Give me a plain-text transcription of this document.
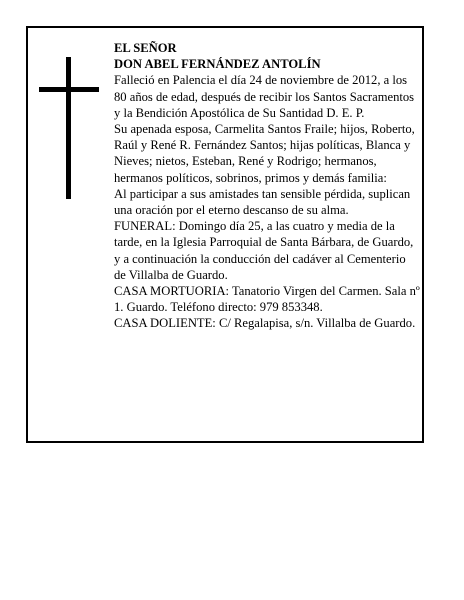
EL SEÑOR

DON ABEL FERNÁNDEZ ANTOLÍN

Falleció en Palencia el día 24 de noviembre de 2012, a los 80 años de edad, después de recibir los Santos Sacramentos y la Bendición Apostólica de Su Santidad D. E. P.

Su apenada esposa, Carmelita Santos Fraile; hijos, Roberto, Raúl y René R. Fernández Santos; hijas políticas, Blanca y Nieves; nietos, Esteban, René y Rodrigo; hermanos, hermanos políticos, sobrinos, primos y demás familia:

Al participar a sus amistades tan sensible pérdida, suplican una oración por el eterno descanso de su alma.

FUNERAL: Domingo día 25, a las cuatro y media de la tarde, en la Iglesia Parroquial de Santa Bárbara, de Guardo, y a continuación la conducción del cadáver al Cementerio de Villalba de Guardo.

CASA MORTUORIA: Tanatorio Virgen del Carmen. Sala nº 1. Guardo. Teléfono directo: 979 853348.

CASA DOLIENTE: C/ Regalapisa, s/n. Villalba de Guardo.
